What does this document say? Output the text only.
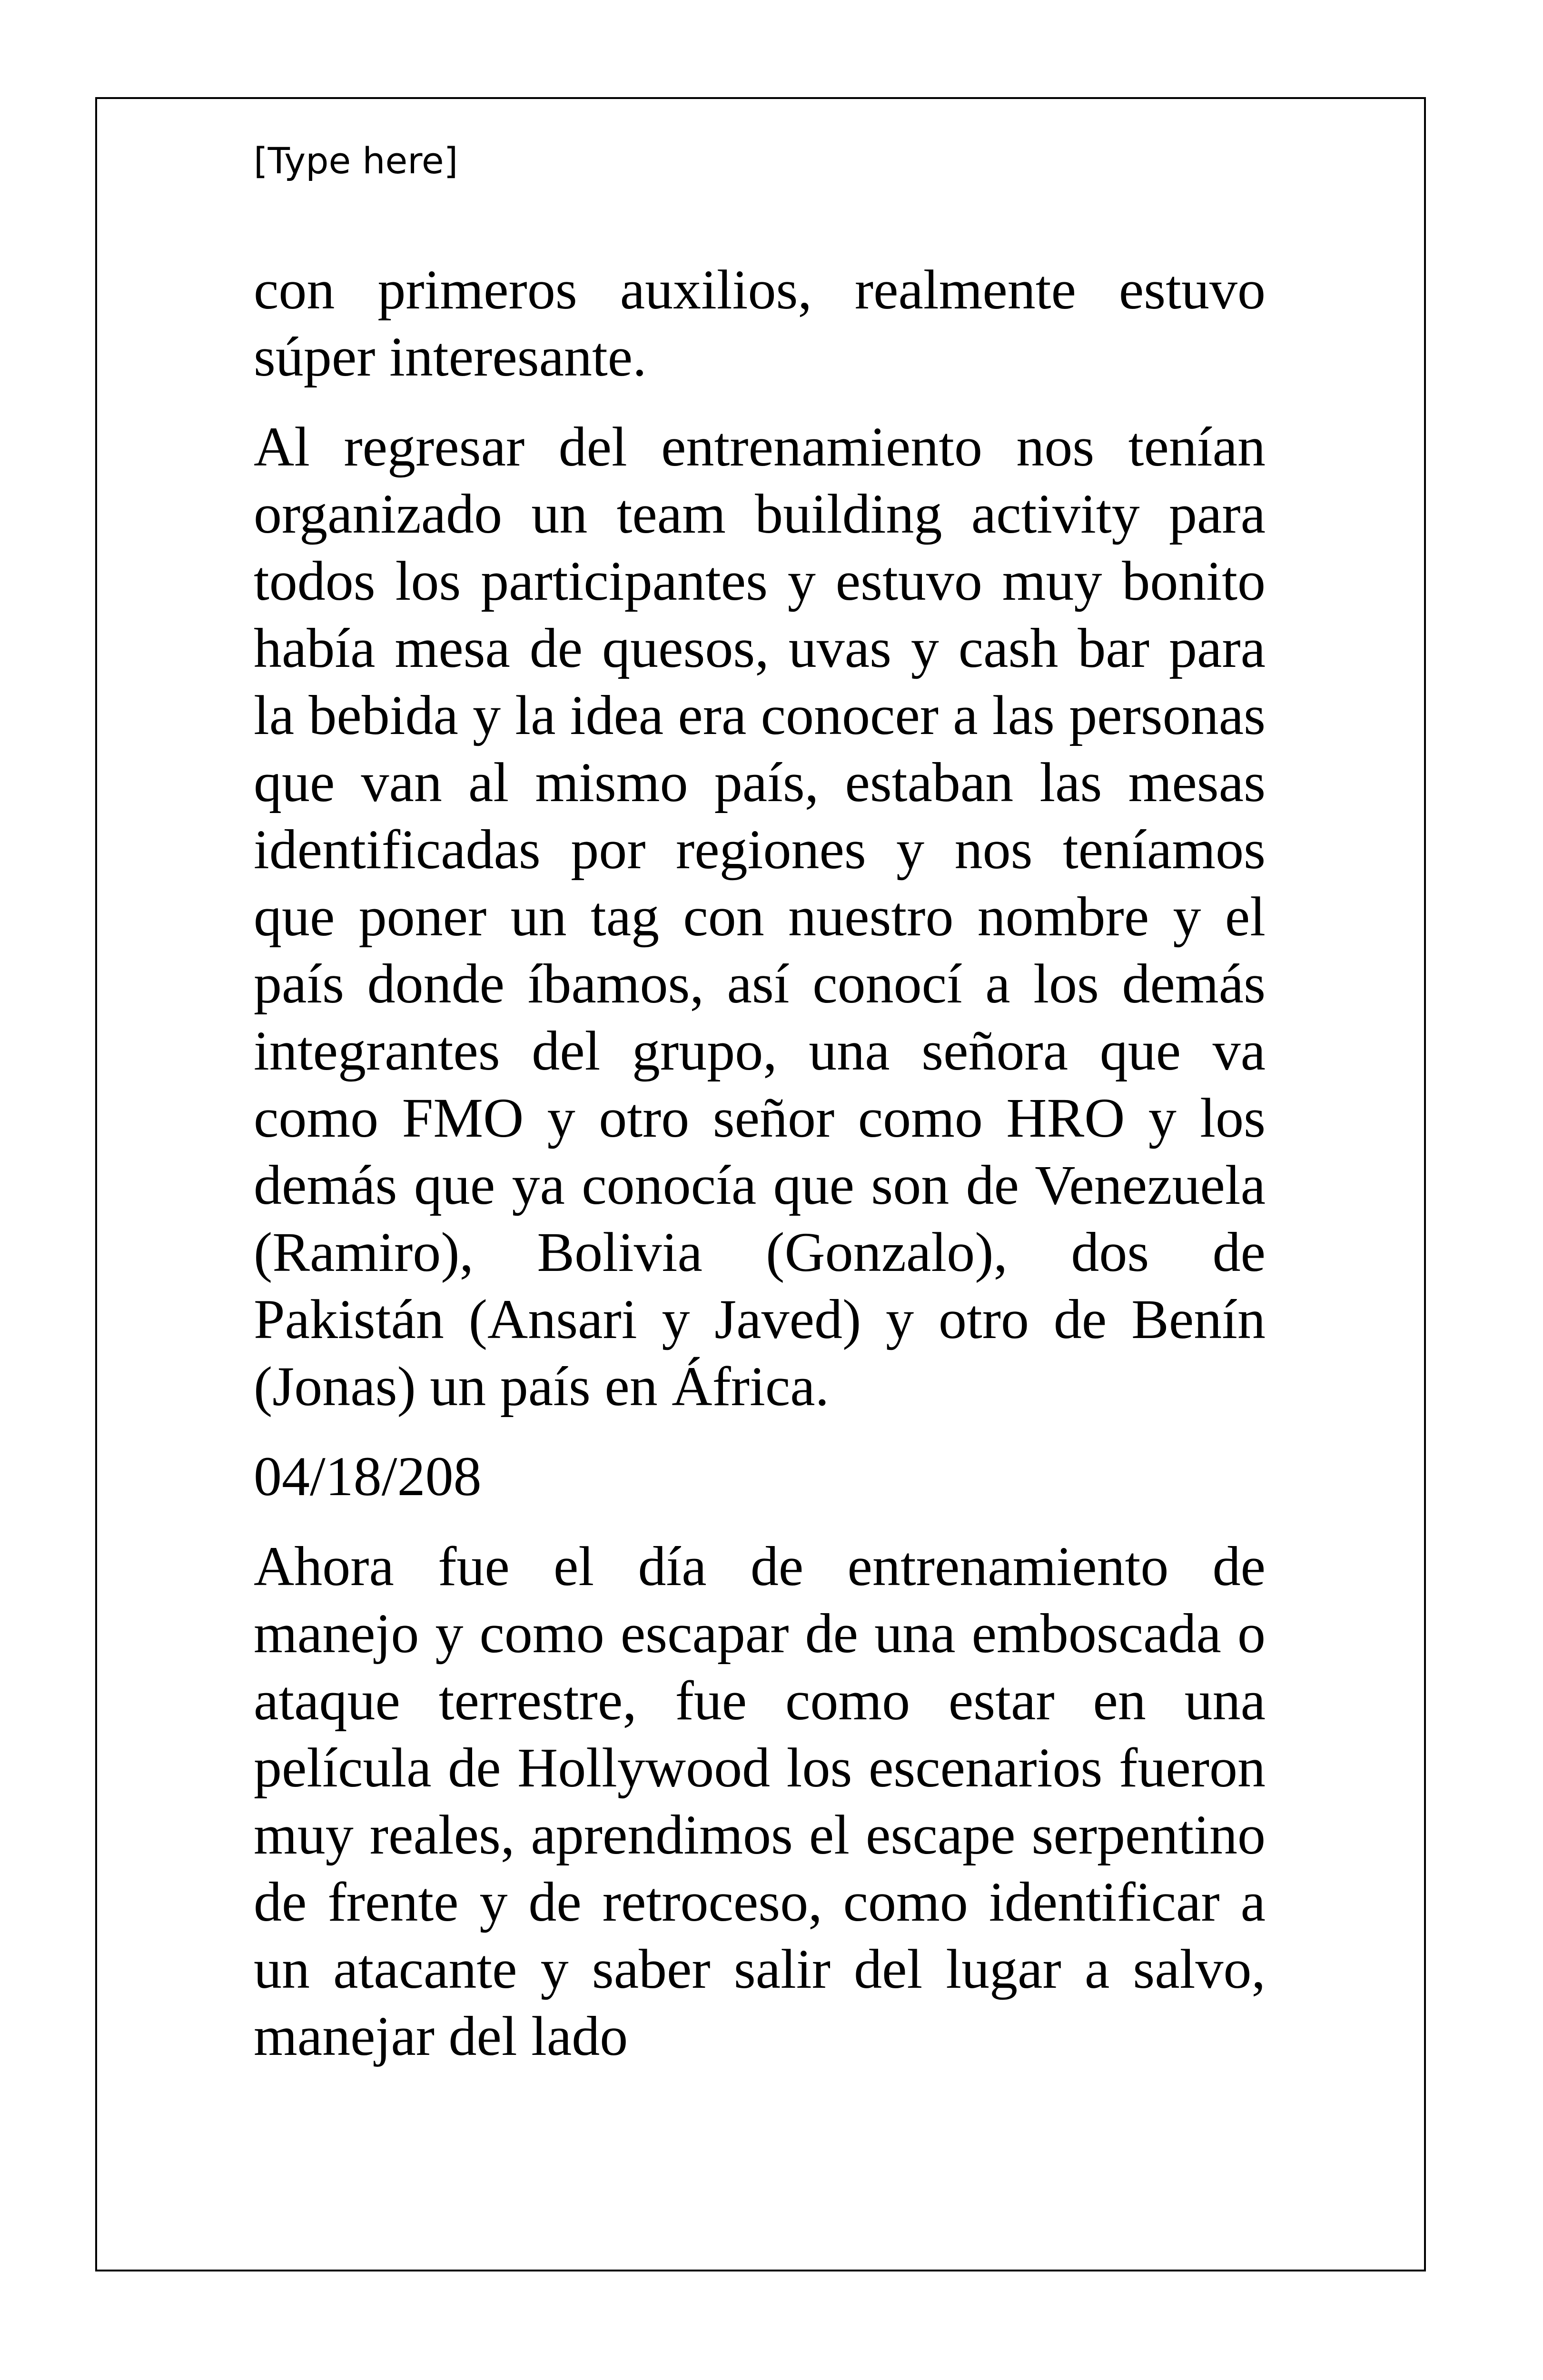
[Type here]

con primeros auxilios, realmente estuvo súper interesante.

Al regresar del entrenamiento nos tenían organizado un team building activity para todos los participantes y estuvo muy bonito había mesa de quesos, uvas y cash bar para la bebida y la idea era conocer a las personas que van al mismo país, estaban las mesas identificadas por regiones y nos teníamos que poner un tag con nuestro nombre y el país donde íbamos, así conocí a los demás integrantes del grupo, una señora que va como FMO y otro señor como HRO y los demás que ya conocía que son de Venezuela (Ramiro), Bolivia (Gonzalo), dos de Pakistán (Ansari y Javed) y otro de Benín (Jonas) un país en África.

04/18/208

Ahora fue el día de entrenamiento de manejo y como escapar de una emboscada o ataque terrestre, fue como estar en una película de Hollywood los escenarios fueron muy reales, aprendimos el escape serpentino de frente y de retroceso, como identificar a un atacante y saber salir del lugar a salvo, manejar del lado
